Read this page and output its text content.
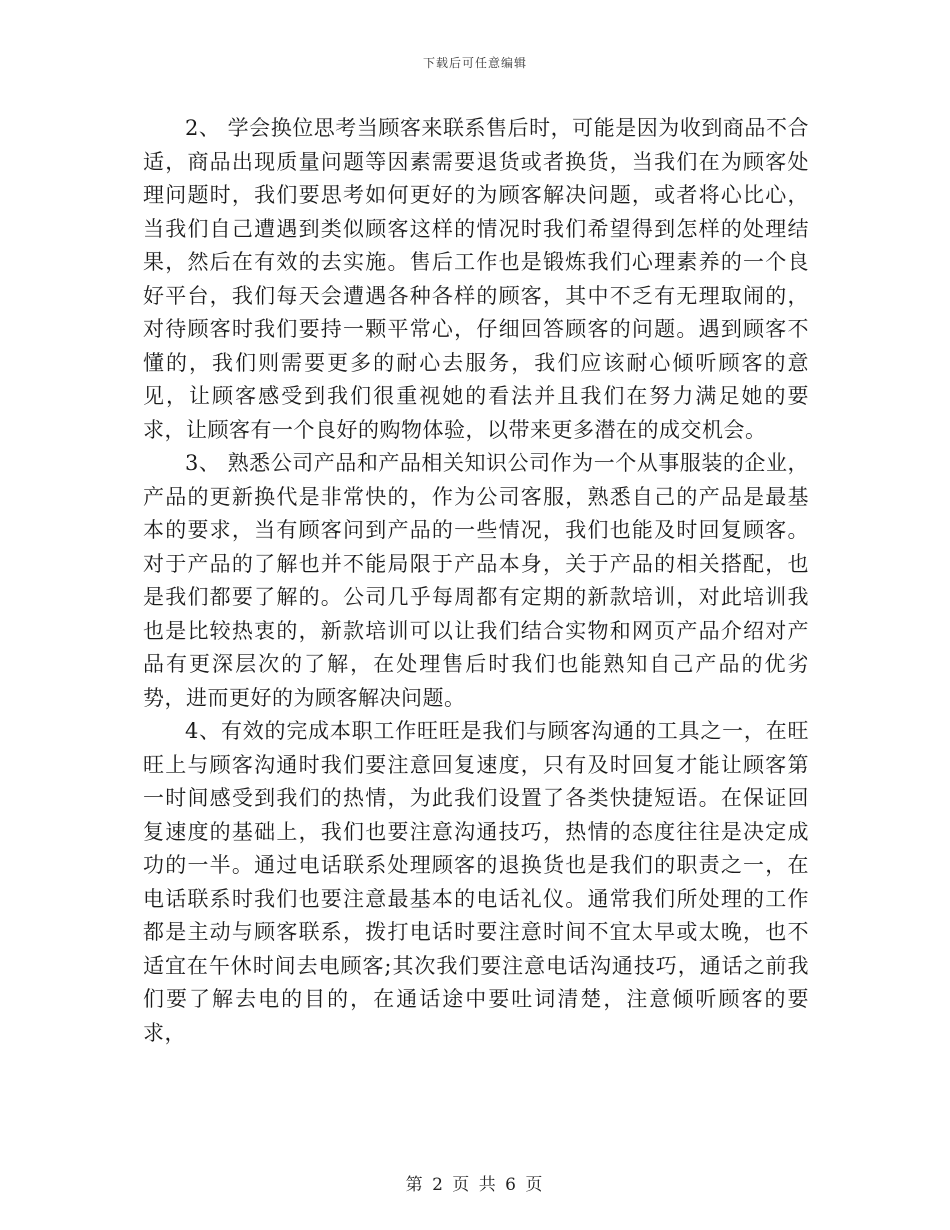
下载后可任意编辑

2、 学会换位思考当顾客来联系售后时，可能是因为收到商品不合适，商品出现质量问题等因素需要退货或者换货，当我们在为顾客处理问题时，我们要思考如何更好的为顾客解决问题，或者将心比心，当我们自己遭遇到类似顾客这样的情况时我们希望得到怎样的处理结果，然后在有效的去实施。售后工作也是锻炼我们心理素养的一个良好平台，我们每天会遭遇各种各样的顾客，其中不乏有无理取闹的，对待顾客时我们要持一颗平常心，仔细回答顾客的问题。遇到顾客不懂的，我们则需要更多的耐心去服务，我们应该耐心倾听顾客的意见，让顾客感受到我们很重视她的看法并且我们在努力满足她的要求，让顾客有一个良好的购物体验，以带来更多潜在的成交机会。

3、 熟悉公司产品和产品相关知识公司作为一个从事服装的企业，产品的更新换代是非常快的，作为公司客服，熟悉自己的产品是最基本的要求，当有顾客问到产品的一些情况，我们也能及时回复顾客。对于产品的了解也并不能局限于产品本身，关于产品的相关搭配，也是我们都要了解的。公司几乎每周都有定期的新款培训，对此培训我也是比较热衷的，新款培训可以让我们结合实物和网页产品介绍对产品有更深层次的了解，在处理售后时我们也能熟知自己产品的优劣势，进而更好的为顾客解决问题。

4、有效的完成本职工作旺旺是我们与顾客沟通的工具之一，在旺旺上与顾客沟通时我们要注意回复速度，只有及时回复才能让顾客第一时间感受到我们的热情，为此我们设置了各类快捷短语。在保证回复速度的基础上，我们也要注意沟通技巧，热情的态度往往是决定成功的一半。通过电话联系处理顾客的退换货也是我们的职责之一，在电话联系时我们也要注意最基本的电话礼仪。通常我们所处理的工作都是主动与顾客联系，拨打电话时要注意时间不宜太早或太晚，也不适宜在午休时间去电顾客;其次我们要注意电话沟通技巧，通话之前我们要了解去电的目的，在通话途中要吐词清楚，注意倾听顾客的要求，

第 2 页 共 6 页
